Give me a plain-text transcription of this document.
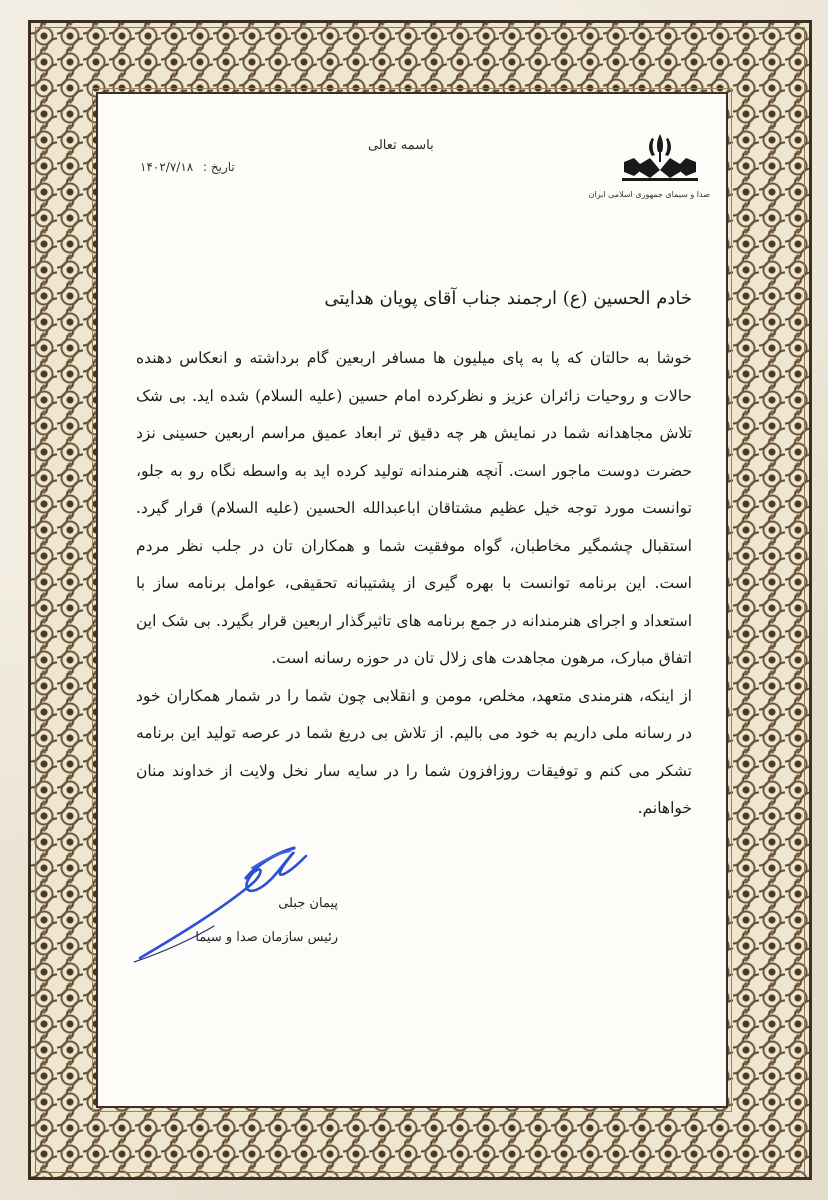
باسمه تعالی
تاریخ : ۱۴۰۲/۷/۱۸
صدا و سیمای جمهوری اسلامی ایران

خادم الحسین (ع) ارجمند جناب آقای پویان هدایتی

خوشا به حالتان که پا به پای میلیون ها مسافر اربعین گام برداشته و انعکاس دهنده حالات و روحیات زائران عزیز و نظرکرده امام حسین (علیه السلام) شده اید. بی شک تلاش مجاهدانه شما در نمایش هر چه دقیق تر ابعاد عمیق مراسم اربعین حسینی نزد حضرت دوست ماجور است. آنچه هنرمندانه تولید کرده اید به واسطه نگاه رو به جلو، توانست مورد توجه خیل عظیم مشتاقان اباعبدالله الحسین (علیه السلام) قرار گیرد. استقبال چشمگیر مخاطبان، گواه موفقیت شما و همکاران تان در جلب نظر مردم است. این برنامه توانست با بهره گیری از پشتیبانه تحقیقی، عوامل برنامه ساز با استعداد و اجرای هنرمندانه در جمع برنامه های تاثیرگذار اربعین قرار بگیرد. بی شک این اتفاق مبارک، مرهون مجاهدت های زلال تان در حوزه رسانه است.

از اینکه، هنرمندی متعهد، مخلص، مومن و انقلابی چون شما را در شمار همکاران خود در رسانه ملی داریم به خود می بالیم. از تلاش بی دریغ شما در عرصه تولید این برنامه تشکر می کنم و توفیقات روزافزون شما را در سایه سار نخل ولایت از خداوند منان خواهانم.

پیمان جبلی
رئیس سازمان صدا و سیما
